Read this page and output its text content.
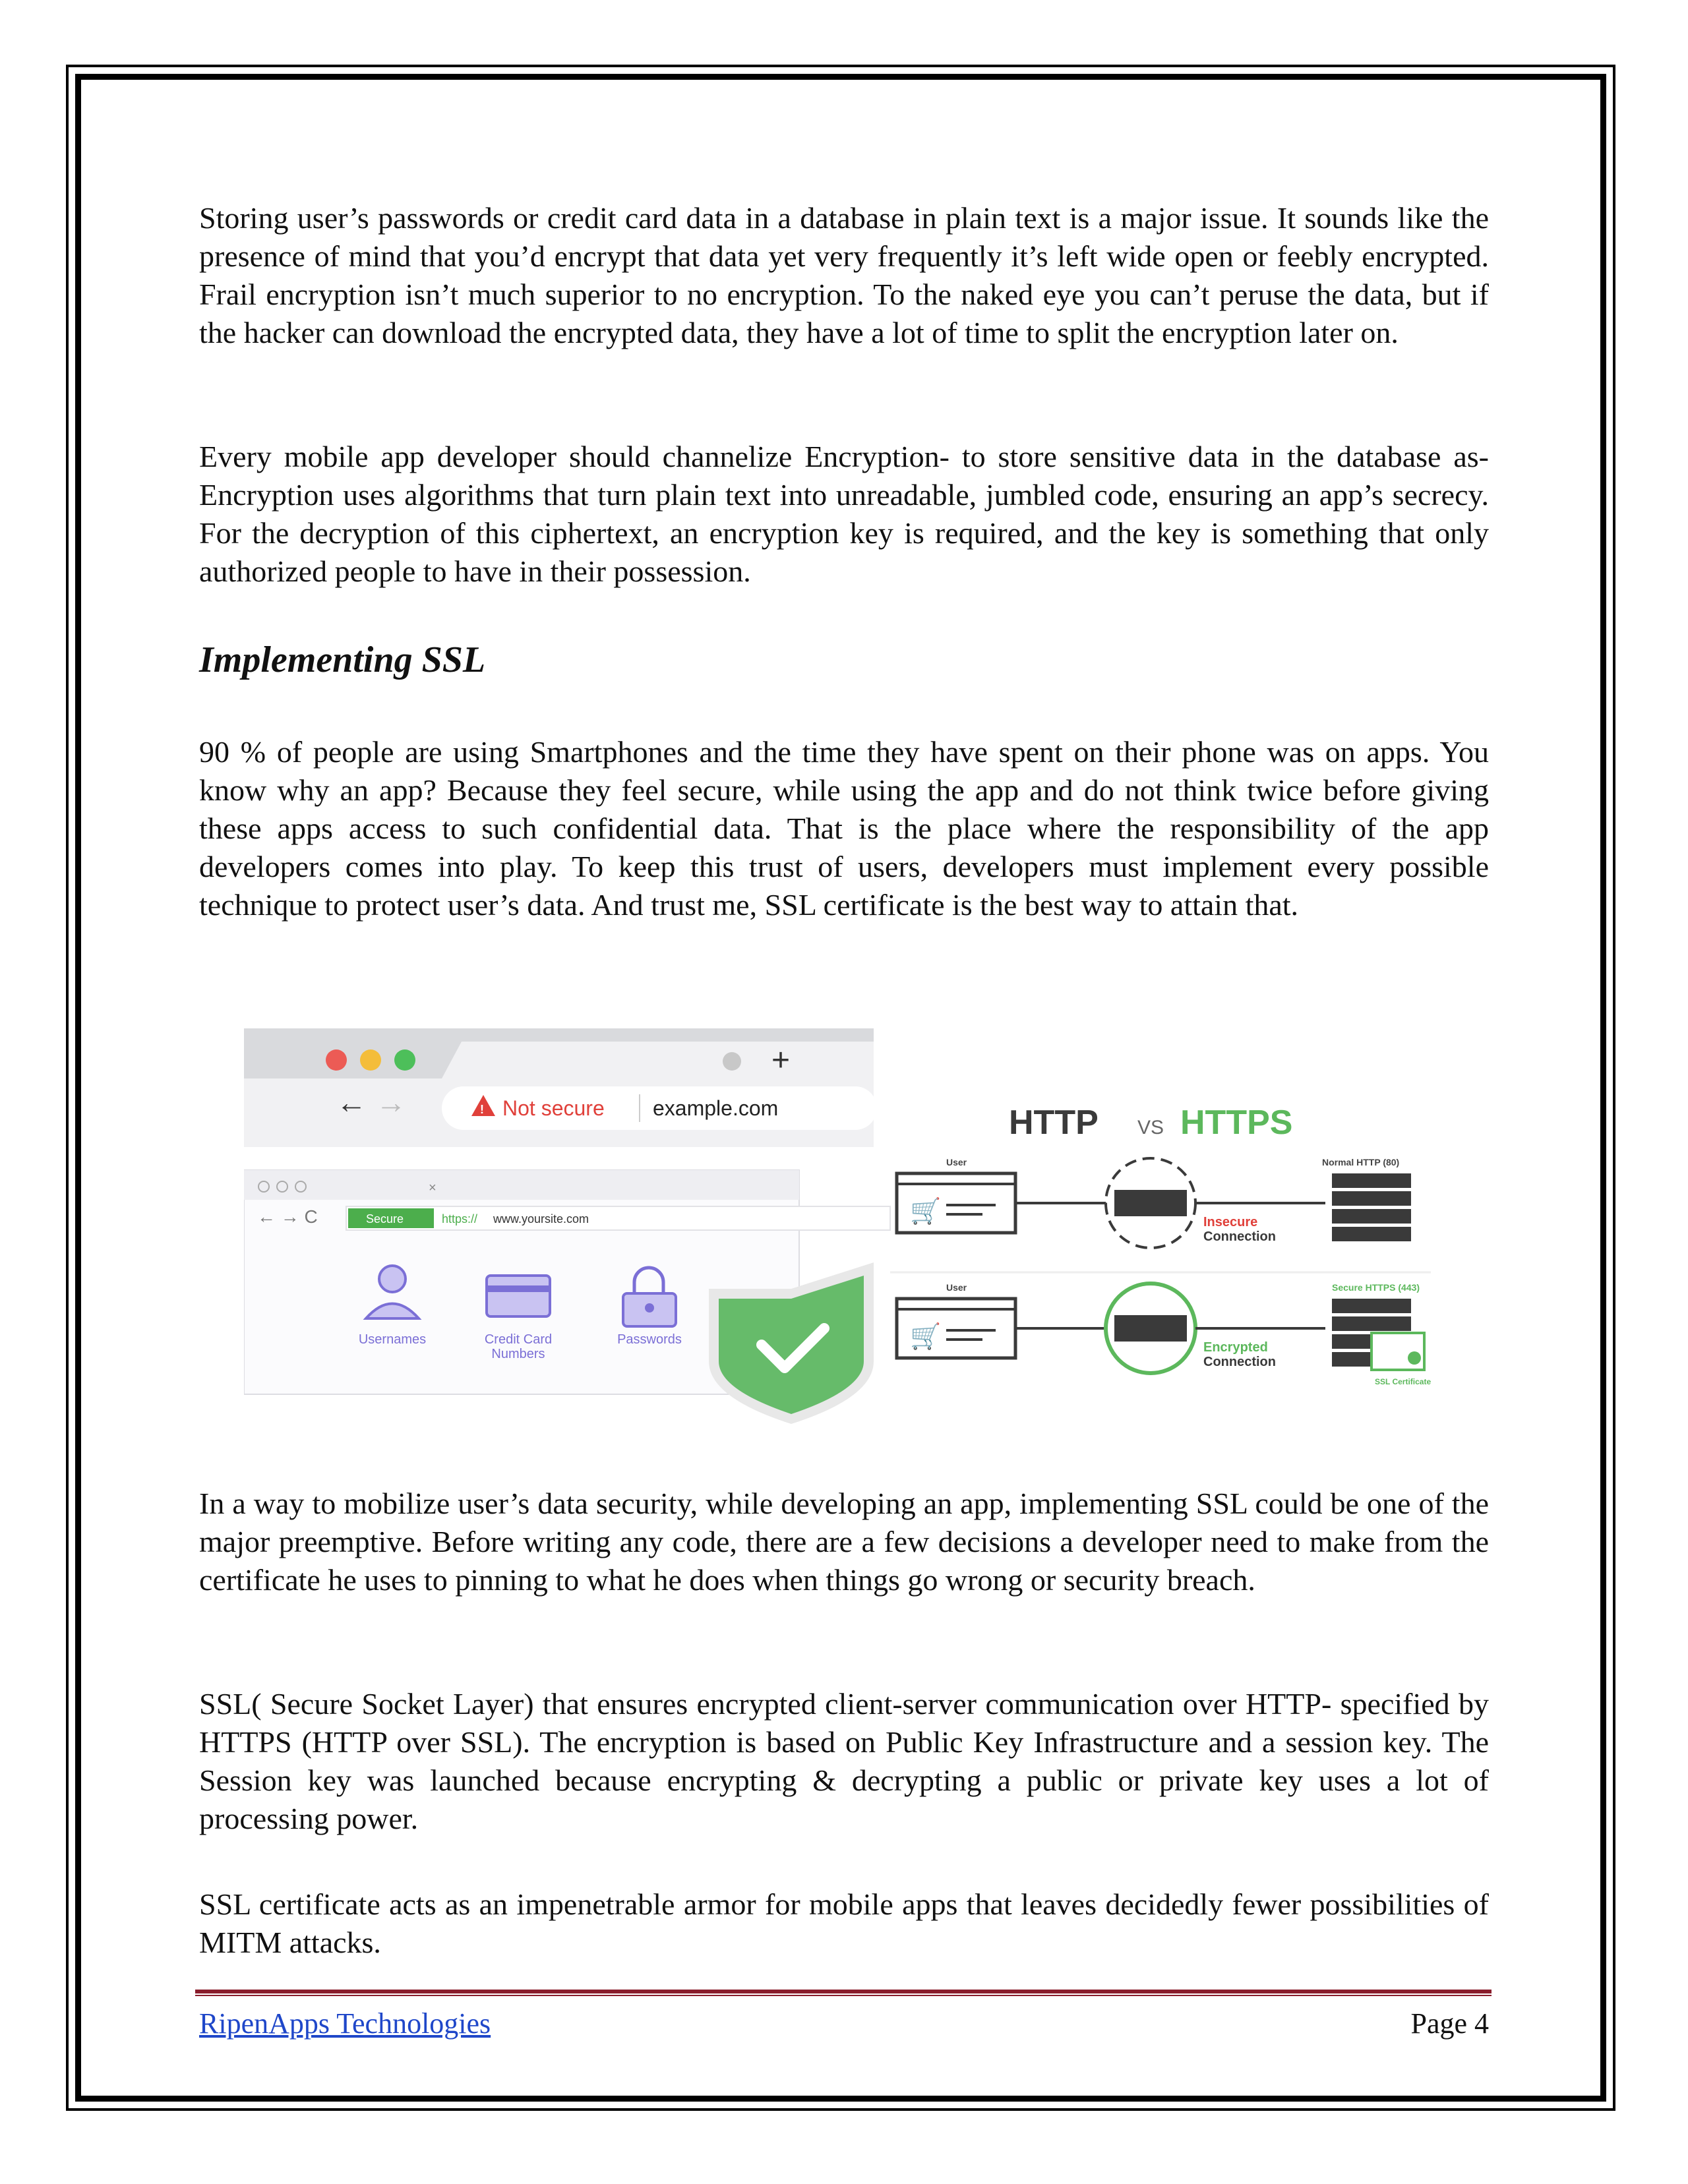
Storing user’s passwords or credit card data in a database in plain text is a major issue. It sounds like the presence of mind that you’d encrypt that data yet very frequently it’s left wide open or feebly encrypted. Frail encryption isn’t much superior to no encryption. To the naked eye you can’t peruse the data, but if the hacker can download the encrypted data, they have a lot of time to split the encryption later on.

Every mobile app developer should channelize Encryption- to store sensitive data in the database as- Encryption uses algorithms that turn plain text into unreadable, jumbled code, ensuring an app’s secrecy. For the decryption of this ciphertext, an encryption key is required, and the key is something that only authorized people to have in their possession.

Implementing SSL

90 % of people are using Smartphones and the time they have spent on their phone was on apps. You know why an app? Because they feel secure, while using the app and do not think twice before giving these apps access to such confidential data. That is the place where the responsibility of the app developers comes into play. To keep this trust of users, developers must implement every possible technique to protect user’s data. And trust me, SSL certificate is the best way to attain that.

+
← →	! Not secure example.com
×
← → C	Secure	https:// www.yoursite.com
Usernames	Credit Card
Numbers
Passwords
HTTP VS HTTPS
User	Normal HTTP (80)
🛒	Insecure
Connection
User	Secure HTTPS (443)
🛒	Encrypted
Connection
SSL Certificate

In a way to mobilize user’s data security, while developing an app, implementing SSL could be one of the major preemptive. Before writing any code, there are a few decisions a developer need to make from the certificate he uses to pinning to what he does when things go wrong or security breach.

SSL( Secure Socket Layer) that ensures encrypted client-server communication over HTTP- specified by HTTPS (HTTP over SSL). The encryption is based on Public Key Infrastructure and a session key. The Session key was launched because encrypting & decrypting a public or private key uses a lot of processing power.

SSL certificate acts as an impenetrable armor for mobile apps that leaves decidedly fewer possibilities of MITM attacks.

RipenApps Technologies	Page 4
